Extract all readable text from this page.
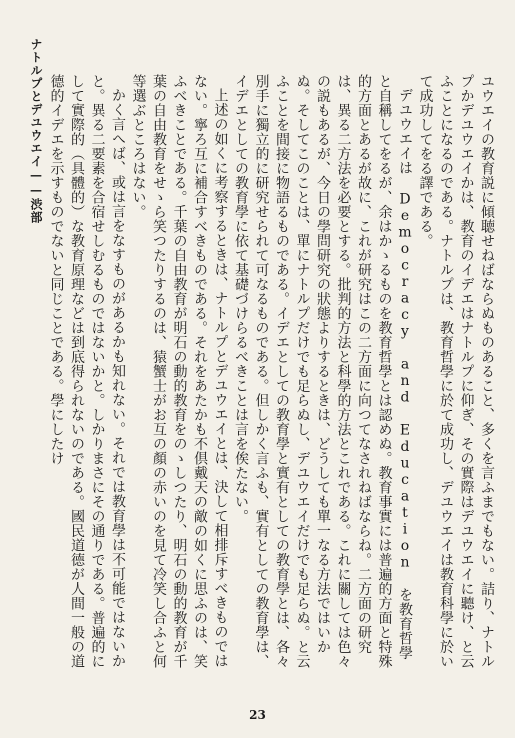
ナトルプとデユウエイ——渋部	ユウエイの教育説に傾聴せねばならぬものあること、多くを言ふまでもない。詰り、ナトルプかデユウエイかは、教育のイデエはナトルプに仰ぎ、その實際はデユウエイに聽け、と云ふことになるのである。ナトルプは、教育哲學に於て成功し、デユウエイは教育科學に於いて成功してをる譯である。

デユウエイは Democracy and Education を教育哲學と自稱してをるが、余はかゝるものを教育哲學とは認めぬ。教育事實には普遍的方面と特殊的方面とあるが故に、これが研究はこの二方面に向つてなされねばならね。二方面の研究は、異る二方法を必要とする。批判的方法と科學的方法とこれである。これに關しては色々の説もあるが、今日の學問研究の狀態よりするときは、どうしても單一なる方法ではいかぬ。そしてこのことは、單にナトルプだけでも足らぬし、デユウエイだけでも足らぬ。と云ふことを間接に物語るものである。イデエとしての教育學と實有としての教育學とは、各々別手に獨立的に研究せられて可なるものである。但しかく言ふも、實有としての教育學は、イデエとしての教育學に依て基礎づけらるべきことは言を俟たない。

上述の如くに考察するときは、ナトルプとデユウエイとは、決して相排斥すべきものではない。寧ろ互に補合すべきものである。それをあたかも不倶戴天の敵の如くに思ふのは、笑ふべきことである。千葉の自由教育が明石の動的教育をのゝしつたり、明石の動的教育が千葉の自由教育をせゝら笑つたりするのは、猿蟹士がお互の顏の赤いのを見て冷笑し合ふと何等選ぶところはない。

かく言へば、或は言をなすものがあるかも知れない。それでは教育學は不可能ではないかと。異る二要素を合宿せしむるものではないかと。しかりまさにその通りである。普遍的にして實際的（具體的）な教育原理などは到底得られないのである。國民道德が人間一般の道德的イデエを示すものでないと同じことである。學にしたけ

23
